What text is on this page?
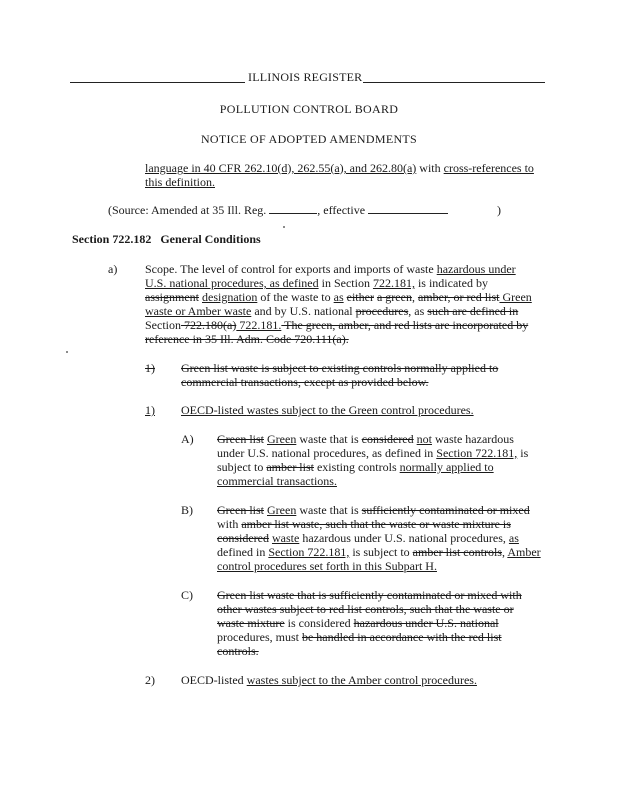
ILLINOIS REGISTER
POLLUTION CONTROL BOARD
NOTICE OF ADOPTED AMENDMENTS
language in 40 CFR 262.10(d), 262.55(a), and 262.80(a) with cross-references to
this definition.
(Source: Amended at 35 Ill. Reg.	, effective	)
Section 722.182 General Conditions
a) Scope. The level of control for exports and imports of waste hazardous under
U.S. national procedures, as defined in Section 722.181, is indicated by
assignment designation of the waste to as either a green, amber, or red list Green
waste or Amber waste and by U.S. national procedures, as such are defined in
Section 722.180(a) 722.181. The green, amber, and red lists are incorporated by
reference in 35 Ill. Adm. Code 720.111(a).
1) Green list waste is subject to existing controls normally applied to
commercial transactions, except as provided below.
1) OECD-listed wastes subject to the Green control procedures.
A) Green list Green waste that is considered not waste hazardous
under U.S. national procedures, as defined in Section 722.181, is
subject to amber list existing controls normally applied to
commercial transactions.
B) Green list Green waste that is sufficiently contaminated or mixed
with amber list waste, such that the waste or waste mixture is
considered waste hazardous under U.S. national procedures, as
defined in Section 722.181, is subject to amber list controls, Amber
control procedures set forth in this Subpart H.
C) Green list waste that is sufficiently contaminated or mixed with
other wastes subject to red list controls, such that the waste or
waste mixture is considered hazardous under U.S. national
procedures, must be handled in accordance with the red list
controls.
2) OECD-listed wastes subject to the Amber control procedures.
